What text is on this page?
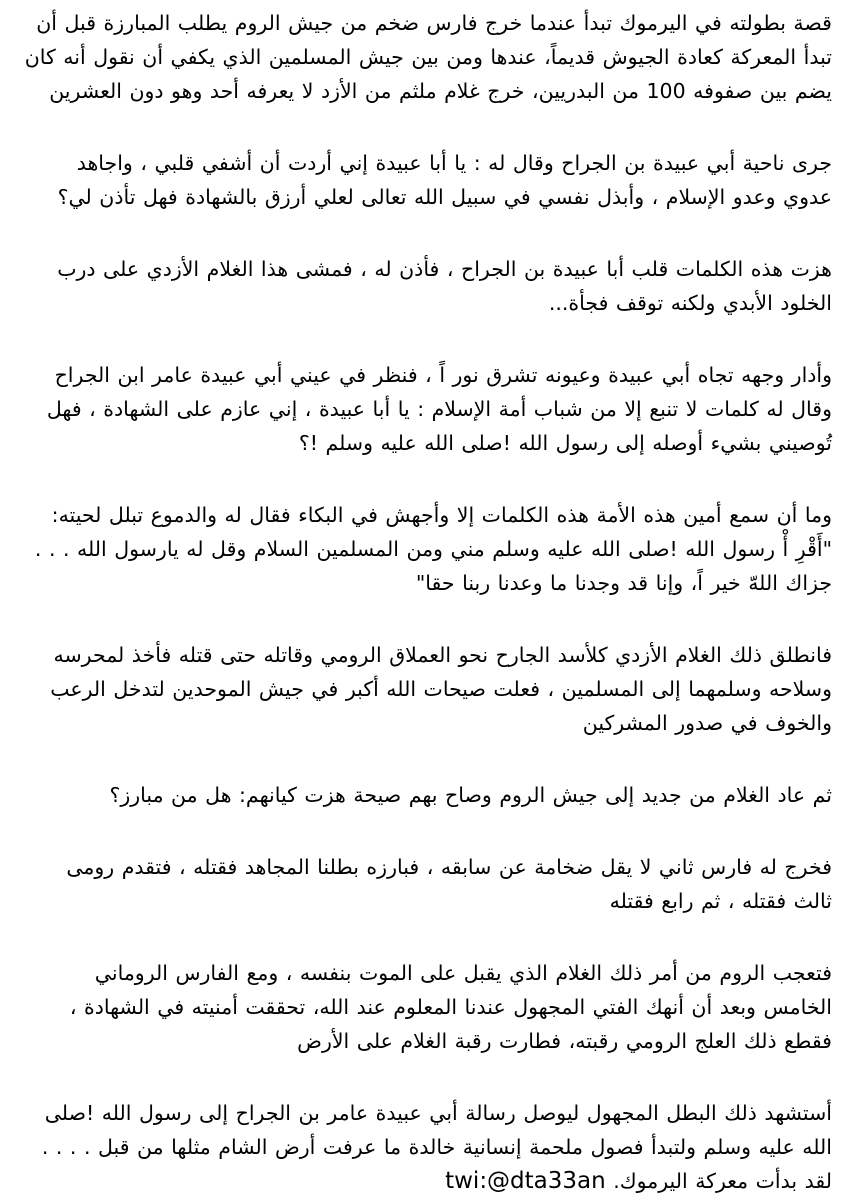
قصة بطولته في اليرموك تبدأ عندما خرج فارس ضخم من جيش الروم يطلب المبارزة قبل أن تبدأ المعركة كعادة الجيوش قديماً، عندها ومن بين جيش المسلمين الذي يكفي أن نقول أنه كان يضم بين صفوفه 100 من البدريين، خرج غلام ملثم من الأزد لا يعرفه أحد وهو دون العشرين

جرى ناحية أبي عبيدة بن الجراح وقال له : يا أبا عبيدة إني أردت أن أشفي قلبي ، واجاهد عدوي وعدو الإسلام ، وأبذل نفسي في سبيل الله تعالى لعلي أرزق بالشهادة فهل تأذن لي؟

هزت هذه الكلمات قلب أبا عبيدة بن الجراح ، فأذن له ، فمشى هذا الغلام الأزدي على درب الخلود الأبدي ولكنه توقف فجأة...

وأدار وجهه تجاه أبي عبيدة وعيونه تشرق نور اً ، فنظر في عيني أبي عبيدة عامر ابن الجراح وقال له كلمات لا تنبع إلا من شباب أمة الإسلام : يا أبا عبيدة ، إني عازم على الشهادة ، فهل تُوصيني بشيء أوصله إلى رسول الله !صلى الله عليه وسلم !؟

وما أن سمع أمين هذه الأمة هذه الكلمات إلا وأجهش في البكاء فقال له والدموع تبلل لحيته: "أَقْرِ أْ رسول الله !صلى الله عليه وسلم مني ومن المسلمين السلام وقل له يارسول الله . . . جزاك اللهّ خير اً، وإنا قد وجدنا ما وعدنا ربنا حقا"

فانطلق ذلك الغلام الأزدي كلأسد الجارح نحو العملاق الرومي وقاتله حتى قتله فأخذ لمحرسه وسلاحه وسلمهما إلى المسلمين ، فعلت صيحات الله أكبر في جيش الموحدين لتدخل الرعب والخوف في صدور المشركين

ثم عاد الغلام من جديد إلى جيش الروم وصاح بهم صيحة هزت كيانهم: هل من مبارز؟

فخرج له فارس ثاني لا يقل ضخامة عن سابقه ، فبارزه بطلنا المجاهد فقتله ، فتقدم رومى ثالث فقتله ، ثم رابع فقتله

فتعجب الروم من أمر ذلك الغلام الذي يقبل على الموت بنفسه ، ومع الفارس الروماني الخامس وبعد أن أنهك الفتي المجهول عندنا المعلوم عند الله، تحققت أمنيته في الشهادة ، فقطع ذلك العلج الرومي رقبته، فطارت رقبة الغلام على الأرض

أستشهد ذلك البطل المجهول ليوصل رسالة أبي عبيدة عامر بن الجراح إلى رسول الله !صلى الله عليه وسلم ولتبدأ فصول ملحمة إنسانية خالدة ما عرفت أرض الشام مثلها من قبل . . . . لقد بدأت معركة اليرموك. twi:@dta33an
